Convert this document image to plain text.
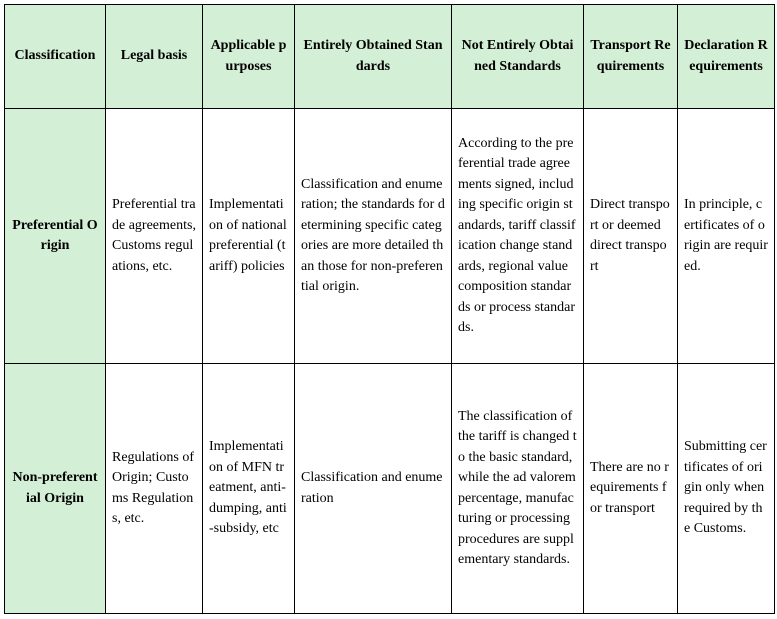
Classification	Legal basis	Applicable purposes	Entirely Obtained Standards	Not Entirely Obtained Standards	Transport Requirements	Declaration Requirements
Preferential Origin	Preferential trade agreements, Customs regulations, etc.	Implementation of national preferential (tariff) policies	Classification and enumeration; the standards for determining specific categories are more detailed than those for non-preferential origin.	According to the preferential trade agreements signed, including specific origin standards, tariff classification change standards, regional value composition standards or process standards.	Direct transport or deemed direct transport	In principle, certificates of origin are required.
Non-preferential Origin	Regulations of Origin; Customs Regulations, etc.	Implementation of MFN treatment, anti-dumping, anti-subsidy, etc	Classification and enumeration	The classification of the tariff is changed to the basic standard, while the ad valorem percentage, manufacturing or processing procedures are supplementary standards.	There are no requirements for transport	Submitting certificates of origin only when required by the Customs.
